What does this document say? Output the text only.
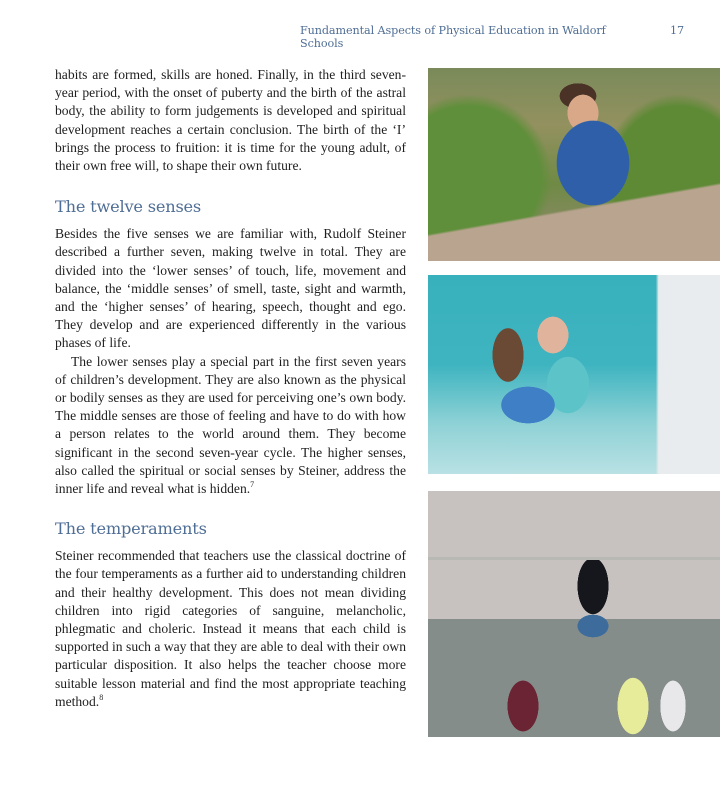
Fundamental Aspects of Physical Education in Waldorf Schools
17

habits are formed, skills are honed. Finally, in the third seven-year period, with the onset of puberty and the birth of the astral body, the ability to form judgements is developed and spiritual development reaches a certain conclusion. The birth of the ‘I’ brings the process to fruition: it is time for the young adult, of their own free will, to shape their own future.

The twelve senses

Besides the five senses we are familiar with, Rudolf Steiner described a further seven, making twelve in total. They are divided into the ‘lower senses’ of touch, life, movement and balance, the ‘middle senses’ of smell, taste, sight and warmth, and the ‘higher senses’ of hearing, speech, thought and ego. They develop and are experienced differently in the various phases of life.

The lower senses play a special part in the first seven years of children’s development. They are also known as the physical or bodily senses as they are used for perceiving one’s own body. The middle senses are those of feeling and have to do with how a person relates to the world around them. They become significant in the second seven-year cycle. The higher senses, also called the spiritual or social senses by Steiner, address the inner life and reveal what is hidden.$^7$

The temperaments

Steiner recommended that teachers use the classical doctrine of the four temperaments as a further aid to understanding children and their healthy development. This does not mean dividing children into rigid categories of sanguine, melancholic, phlegmatic and choleric. Instead it means that each child is supported in such a way that they are able to deal with their own particular disposition. It also helps the teacher choose more suitable lesson material and find the most appropriate teaching method.$^8$
